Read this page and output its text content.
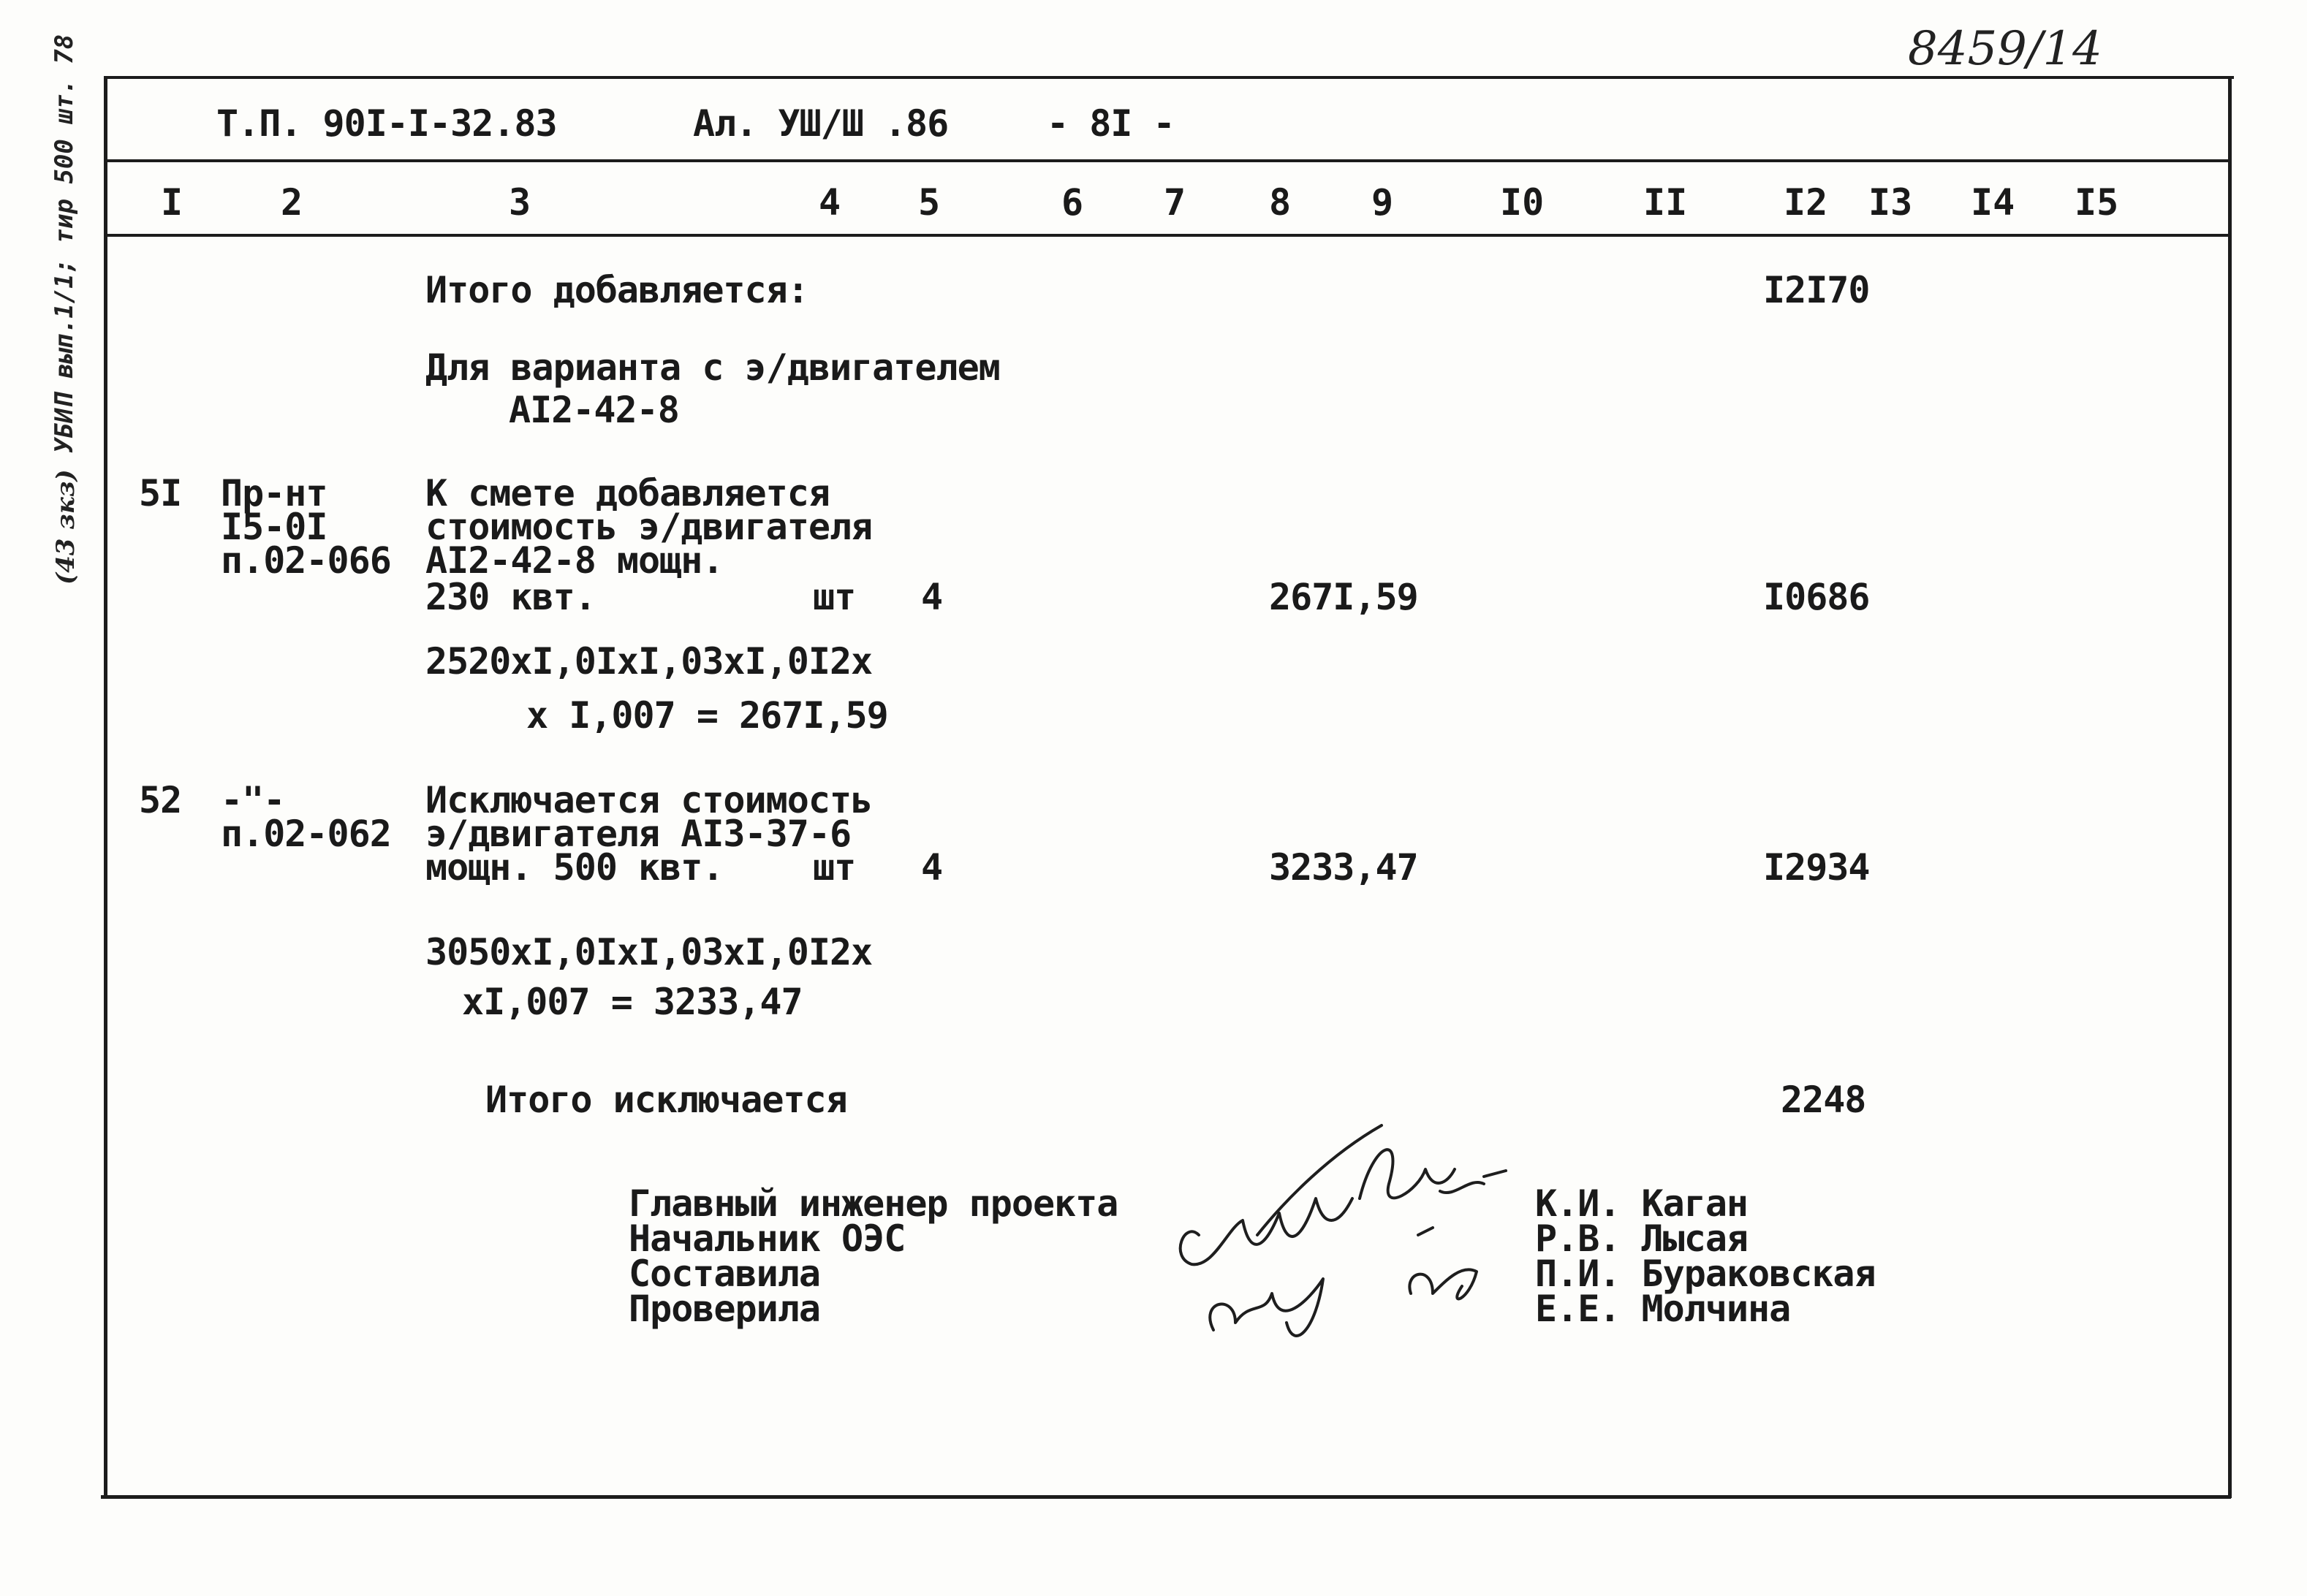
8459/14
УБИП вып.1/1; тир 500 шт. 78
(43 зкз)
Т.П. 90I-I-32.83	Ал. УШ/Ш .86	- 8I -
I	2	3	4 5	6 7 8 9	I0	II	I2 I3 I4 I5
Итого добавляется:	I2I70
Для варианта с э/двигателем
AI2-42-8
5I Пр-нт
I5-0I
п.02-066
К смете добавляется
стоимость э/двигателя
AI2-42-8 мощн.
230 квт.	шт 4	267I,59	I0686
2520хI,0IхI,03хI,0I2х
х I,007 = 267I,59
52 -"-
п.02-062
Исключается стоимость
э/двигателя AI3-37-6
мощн. 500 квт. шт 4	3233,47	I2934
3050хI,0IхI,03хI,0I2х
хI,007 = 3233,47
Итого исключается	2248
Главный инженер проекта
Начальник ОЭС
Составила
Проверила
К.И. Каган
Р.В. Лысая
П.И. Бураковская
Е.Е. Молчина
